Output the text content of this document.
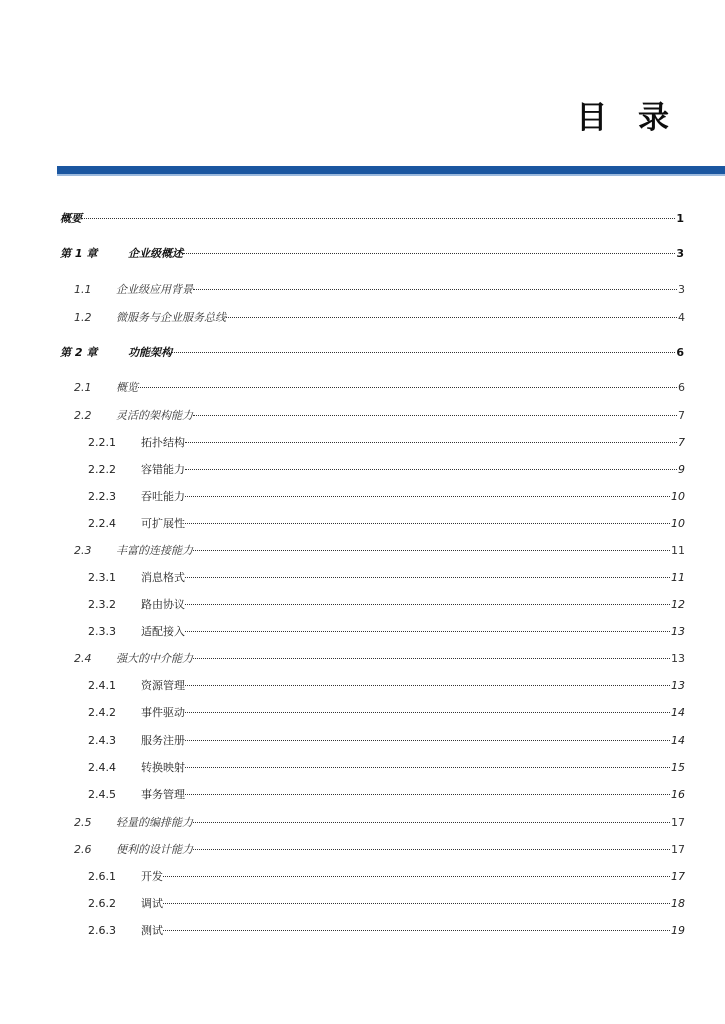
目 录
概要	1
第 1 章	企业级概述	3
1.1	企业级应用背景	3
1.2	微服务与企业服务总线	4
第 2 章	功能架构	6
2.1	概览	6
2.2	灵活的架构能力	7
2.2.1	拓扑结构	7
2.2.2	容错能力	9
2.2.3	吞吐能力	10
2.2.4	可扩展性	10
2.3	丰富的连接能力	11
2.3.1	消息格式	11
2.3.2	路由协议	12
2.3.3	适配接入	13
2.4	强大的中介能力	13
2.4.1	资源管理	13
2.4.2	事件驱动	14
2.4.3	服务注册	14
2.4.4	转换映射	15
2.4.5	事务管理	16
2.5	轻量的编排能力	17
2.6	便利的设计能力	17
2.6.1	开发	17
2.6.2	调试	18
2.6.3	测试	19
